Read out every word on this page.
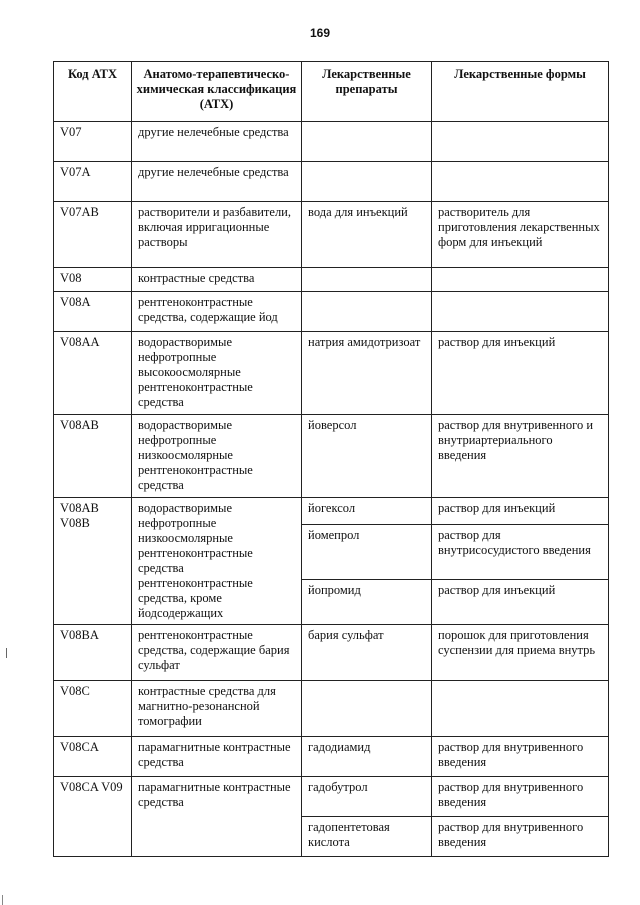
169
Код АТХ	Анатомо-терапевтическо-химическая классификация (АТХ)	Лекарственные препараты	Лекарственные формы
V07	другие нелечебные средства		
V07A	другие нелечебные средства		
V07AB	растворители и разбавители, включая ирригационные растворы	вода для инъекций	растворитель для приготовления лекарственных форм для инъекций
V08	контрастные средства		
V08A	рентгеноконтрастные средства, содержащие йод		
V08AA	водорастворимые нефротропные высокоосмолярные рентгеноконтрастные средства	натрия амидотризоат	раствор для инъекций
V08AB	водорастворимые нефротропные низкоосмолярные рентгеноконтрастные средства	йоверсол	раствор для внутривенного и внутриартериального введения
V08AB V08B	водорастворимые нефротропные низкоосмолярные рентгеноконтрастные средства рентгеноконтрастные средства, кроме йодсодержащих	йогексол	раствор для инъекций
		йомепрол	раствор для внутрисосудистого введения
		йопромид	раствор для инъекций
V08BA	рентгеноконтрастные средства, содержащие бария сульфат	бария сульфат	порошок для приготовления суспензии для приема внутрь
V08C	контрастные средства для магнитно-резонансной томографии		
V08CA	парамагнитные контрастные средства	гадодиамид	раствор для внутривенного введения
V08CA V09	парамагнитные контрастные средства	гадобутрол	раствор для внутривенного введения
		гадопентетовая кислота	раствор для внутривенного введения
